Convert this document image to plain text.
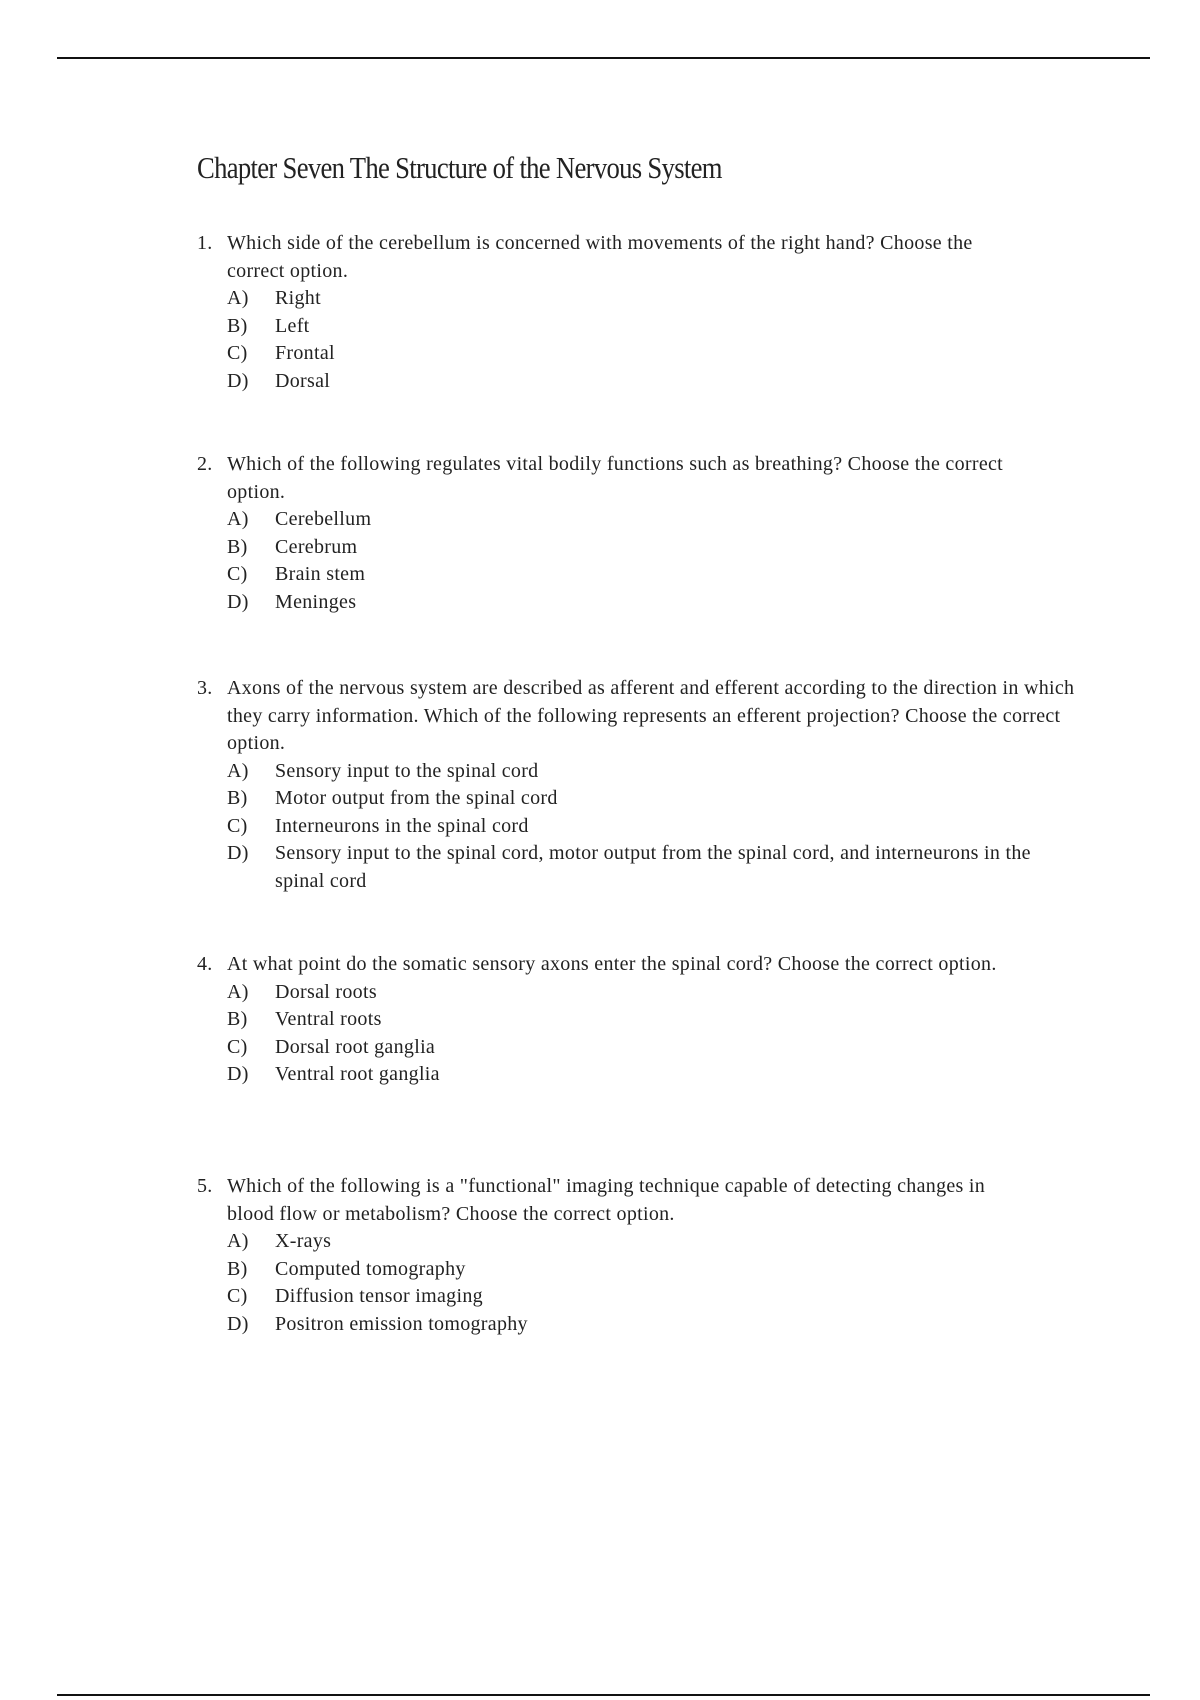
Chapter Seven The Structure of the Nervous System
1. Which side of the cerebellum is concerned with movements of the right hand? Choose the correct option.
A)	Right
B)	Left
C)	Frontal
D)	Dorsal
2. Which of the following regulates vital bodily functions such as breathing? Choose the correct option.
A)	Cerebellum
B)	Cerebrum
C)	Brain stem
D)	Meninges
3. Axons of the nervous system are described as afferent and efferent according to the direction in which they carry information. Which of the following represents an efferent projection? Choose the correct option.
A)	Sensory input to the spinal cord
B)	Motor output from the spinal cord
C)	Interneurons in the spinal cord
D)	Sensory input to the spinal cord, motor output from the spinal cord, and interneurons in the spinal cord
4. At what point do the somatic sensory axons enter the spinal cord? Choose the correct option.
A)	Dorsal roots
B)	Ventral roots
C)	Dorsal root ganglia
D)	Ventral root ganglia
5. Which of the following is a "functional" imaging technique capable of detecting changes in blood flow or metabolism? Choose the correct option.
A)	X-rays
B)	Computed tomography
C)	Diffusion tensor imaging
D)	Positron emission tomography
